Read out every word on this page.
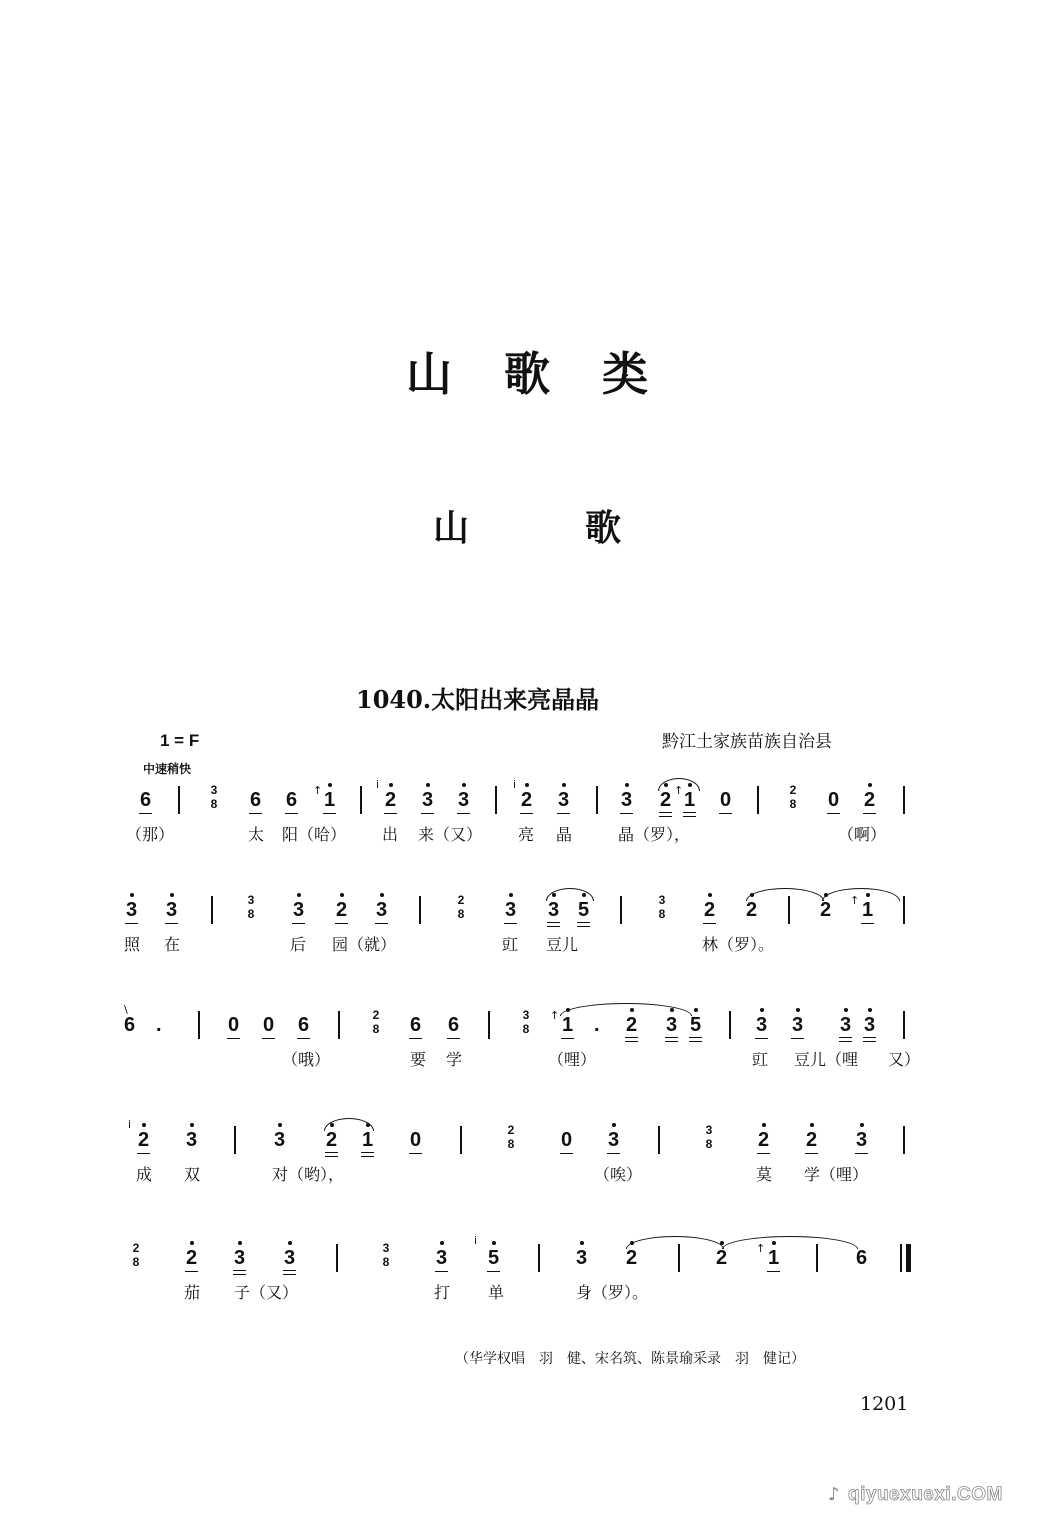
山歌类
山歌
1040.太阳出来亮晶晶
黔江土家族苗族自治县
1 = F
中速稍快
6	3
8 6 6 ↑ 1
i
2 3 3
i
2 3	3 2 ↑ 1 0	2
8 0 2
（那）	太 阳（哈） 出 来（又） 亮 晶	晶（罗），	（啊）
3 3	3
8 3 2 3	2
8 3 3 5	3
8 2 2	2 ↑ 1
照 在	后 园（就）	豇 豆儿	林（罗）。
\
6 .	0 0 6	2
8 6 6	3
8
↑ 1 . 2 3 5	3 3 3 3
（哦）	要 学	（哩）	豇 豆儿（哩 又）
i
2 3	3 2 1 0	2
8 0 3	3
8 2 2 3
成 双	对（哟），	（唉）	莫 学（哩）
2
8 2 3 3	3
8 3
ⅰ
5	3 2	2	↑ 1	6
茄 子（又）	打 单	身（罗）。
（华学权唱　羽　健、宋名筑、陈景瑜采录　羽　健记）
1201
♪ qiyuexuexi.COM
